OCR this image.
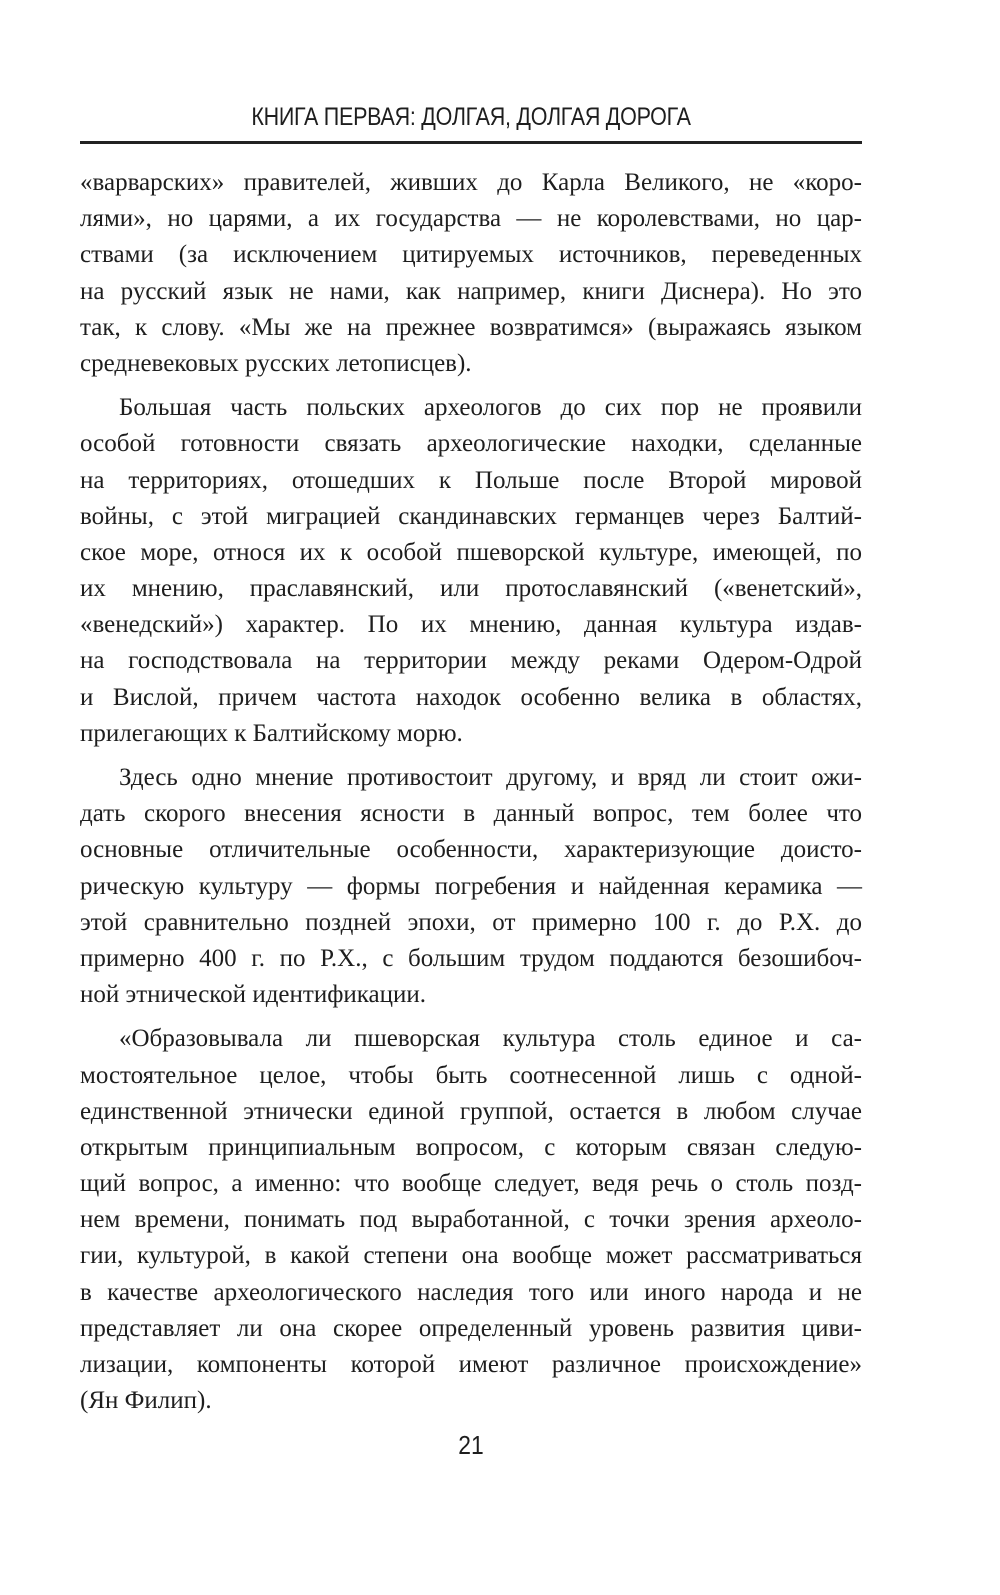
КНИГА ПЕРВАЯ: ДОЛГАЯ, ДОЛГАЯ ДОРОГА
«варварских» правителей, живших до Карла Великого, не «коро-
лями», но царями, а их государства — не королевствами, но цар-
ствами (за исключением цитируемых источников, переведенных
на русский язык не нами, как например, книги Диснера). Но это
так, к слову. «Мы же на прежнее возвратимся» (выражаясь языком
средневековых русских летописцев).
Большая часть польских археологов до сих пор не проявили
особой готовности связать археологические находки, сделанные
на территориях, отошедших к Польше после Второй мировой
войны, с этой миграцией скандинавских германцев через Балтий-
ское море, относя их к особой пшеворской культуре, имеющей, по
их мнению, праславянский, или протославянский («венетский»,
«венедский») характер. По их мнению, данная культура издав-
на господствовала на территории между реками Одером-Одрой
и Вислой, причем частота находок особенно велика в областях,
прилегающих к Балтийскому морю.
Здесь одно мнение противостоит другому, и вряд ли стоит ожи-
дать скорого внесения ясности в данный вопрос, тем более что
основные отличительные особенности, характеризующие доисто-
рическую культуру — формы погребения и найденная керамика —
этой сравнительно поздней эпохи, от примерно 100 г. до Р.Х. до
примерно 400 г. по Р.Х., с большим трудом поддаются безошибоч-
ной этнической идентификации.
«Образовывала ли пшеворская культура столь единое и са-
мостоятельное целое, чтобы быть соотнесенной лишь с одной-
единственной этнически единой группой, остается в любом случае
открытым принципиальным вопросом, с которым связан следую-
щий вопрос, а именно: что вообще следует, ведя речь о столь позд-
нем времени, понимать под выработанной, с точки зрения археоло-
гии, культурой, в какой степени она вообще может рассматриваться
в качестве археологического наследия того или иного народа и не
представляет ли она скорее определенный уровень развития циви-
лизации, компоненты которой имеют различное происхождение»
(Ян Филип).
21
